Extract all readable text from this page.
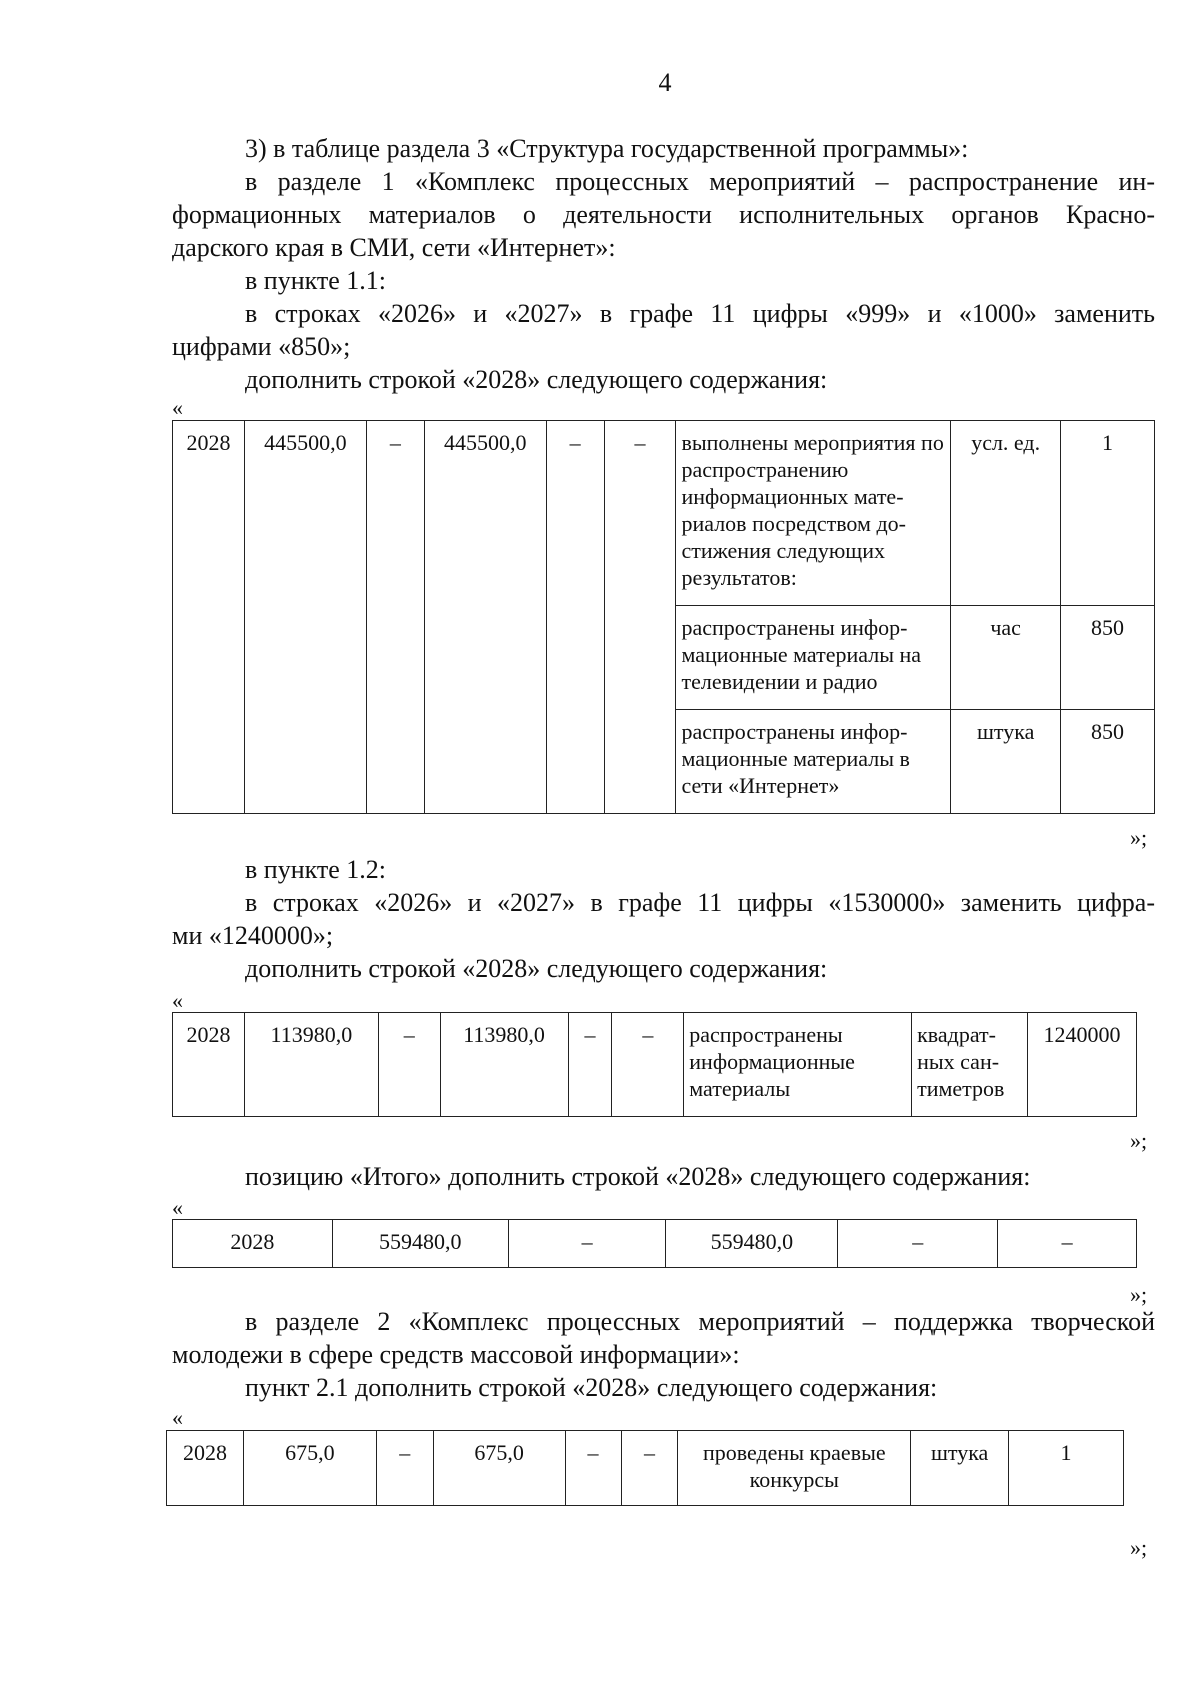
4
3) в таблице раздела 3 «Структура государственной программы»:
в разделе 1 «Комплекс процессных мероприятий – распространение ин-
формационных материалов о деятельности исполнительных органов Красно-
дарского края в СМИ, сети «Интернет»:
в пункте 1.1:
в строках «2026» и «2027» в графе 11 цифры «999» и «1000» заменить
цифрами «850»;
дополнить строкой «2028» следующего содержания:
«
2028	445500,0	–	445500,0	–	–	выполнены мероприятия по распространению информационных мате-риалов посредством до-стижения следующих результатов:	усл. ед.	1
						распространены инфор-мационные материалы на телевидении и радио	час	850
						распространены инфор-мационные материалы в сети «Интернет»	штука	850
»;
в пункте 1.2:
в строках «2026» и «2027» в графе 11 цифры «1530000» заменить цифра-
ми «1240000»;
дополнить строкой «2028» следующего содержания:
«
2028	113980,0	–	113980,0	–	–	распространены информационные материалы	квадрат-ных сан-тиметров	1240000
»;
позицию «Итого» дополнить строкой «2028» следующего содержания:
«
2028	559480,0	–	559480,0	–	–
»;
в разделе 2 «Комплекс процессных мероприятий – поддержка творческой
молодежи в сфере средств массовой информации»:
пункт 2.1 дополнить строкой «2028» следующего содержания:
«
2028	675,0	–	675,0	–	–	проведены краевые конкурсы	штука	1
»;
